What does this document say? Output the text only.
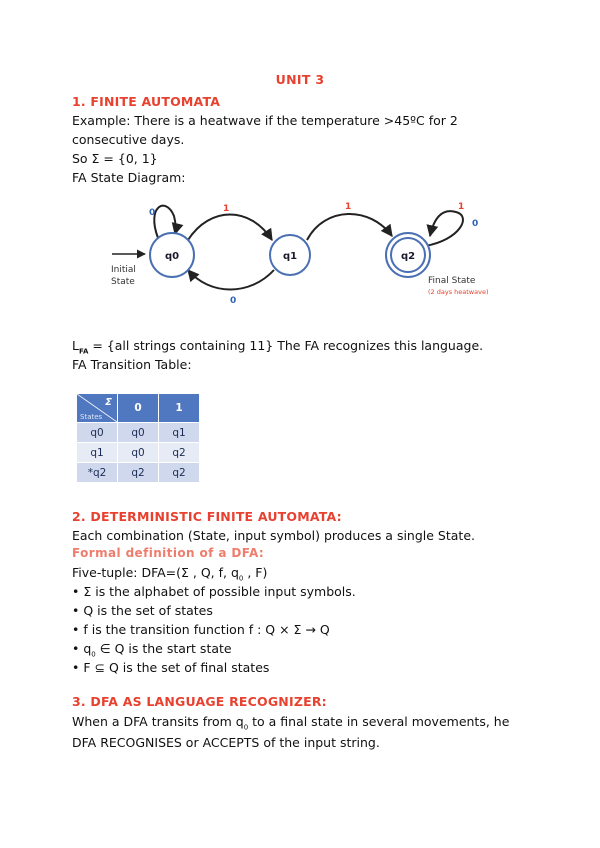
UNIT 3
1. FINITE AUTOMATA
Example: There is a heatwave if the temperature >45ºC for 2
consecutive days.
So Σ = {0, 1}
FA State Diagram:
q0	q1	q2
0	1
0
1	1
0
Initial
State	Final State
(2 days heatwave)
$L_{FA} = \{all$ strings containing 11} The FA recognizes this language.
FA Transition Table:
Σ
States	0	1
q0	q0	q1
q1	q0	q2
*q2	q2	q2
2. DETERMINISTIC FINITE AUTOMATA:
Each combination (State, input symbol) produces a single State.
Formal definition of a DFA:
Five-tuple: DFA=(Σ , Q, f, $q_0$ , F)
• Σ is the alphabet of possible input symbols.
• Q is the set of states
• f is the transition function f : Q × Σ → Q
• $q_0$ ∈ Q is the start state
• F ⊆ Q is the set of final states
3. DFA AS LANGUAGE RECOGNIZER:
When a DFA transits from $q_0$ to a final state in several movements, he
DFA RECOGNISES or ACCEPTS of the input string.
